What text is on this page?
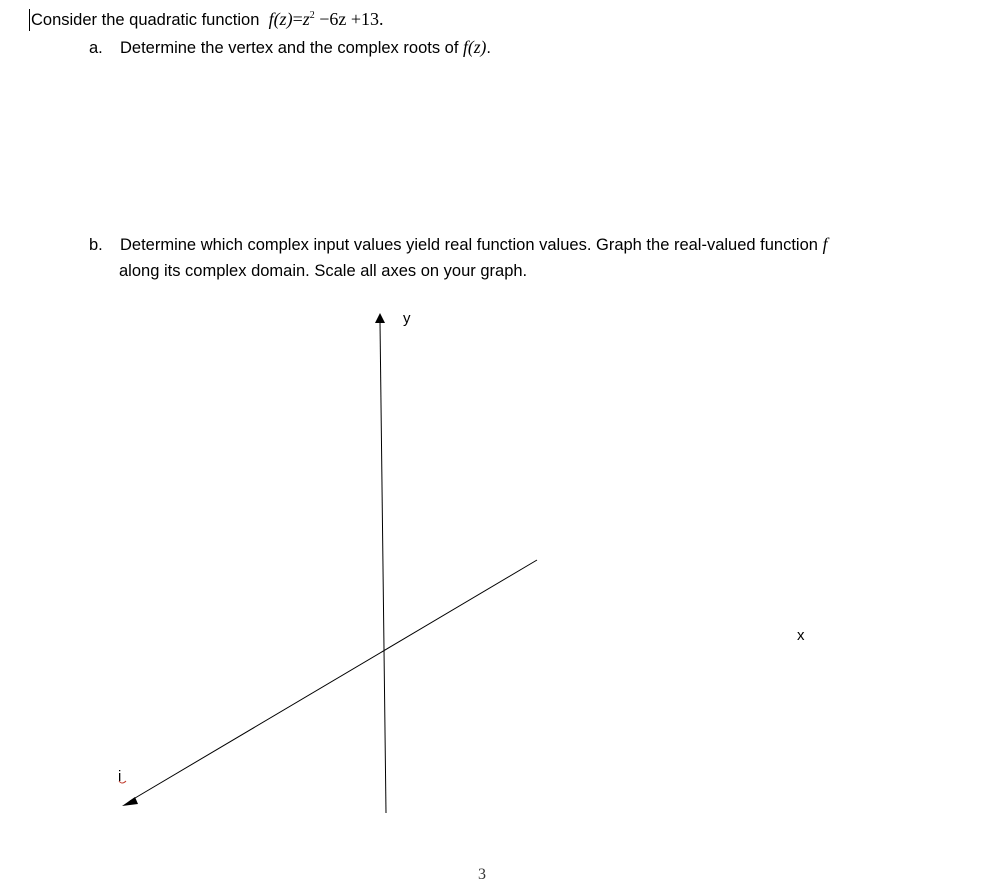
Consider the quadratic function $f(z)=z^2 -6z +13$.
a. Determine the vertex and the complex roots of f(z).
b. Determine which complex input values yield real function values. Graph the real-valued function f
along its complex domain. Scale all axes on your graph.
y
i
x
3
